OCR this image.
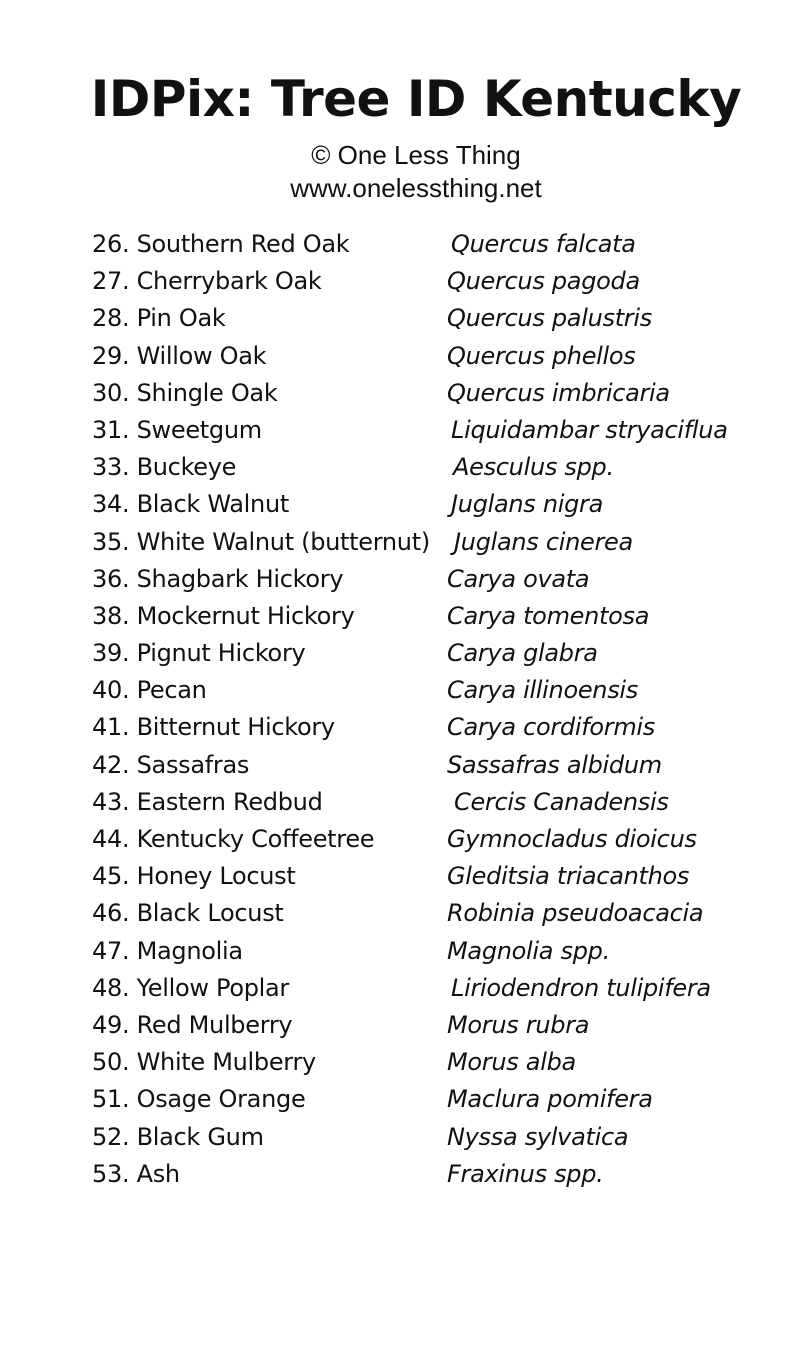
IDPix: Tree ID Kentucky
© One Less Thing
www.onelessthing.net
26. Southern Red Oak	Quercus falcata
27. Cherrybark Oak	Quercus pagoda
28. Pin Oak	Quercus palustris
29. Willow Oak	Quercus phellos
30. Shingle Oak	Quercus imbricaria
31. Sweetgum	Liquidambar stryaciflua
33. Buckeye	Aesculus spp.
34. Black Walnut	Juglans nigra
35. White Walnut (butternut) Juglans cinerea
36. Shagbark Hickory	Carya ovata
38. Mockernut Hickory	Carya tomentosa
39. Pignut Hickory	Carya glabra
40. Pecan	Carya illinoensis
41. Bitternut Hickory	Carya cordiformis
42. Sassafras	Sassafras albidum
43. Eastern Redbud	Cercis Canadensis
44. Kentucky Coffeetree	Gymnocladus dioicus
45. Honey Locust	Gleditsia triacanthos
46. Black Locust	Robinia pseudoacacia
47. Magnolia	Magnolia spp.
48. Yellow Poplar	Liriodendron tulipifera
49. Red Mulberry	Morus rubra
50. White Mulberry	Morus alba
51. Osage Orange	Maclura pomifera
52. Black Gum	Nyssa sylvatica
53. Ash	Fraxinus spp.
